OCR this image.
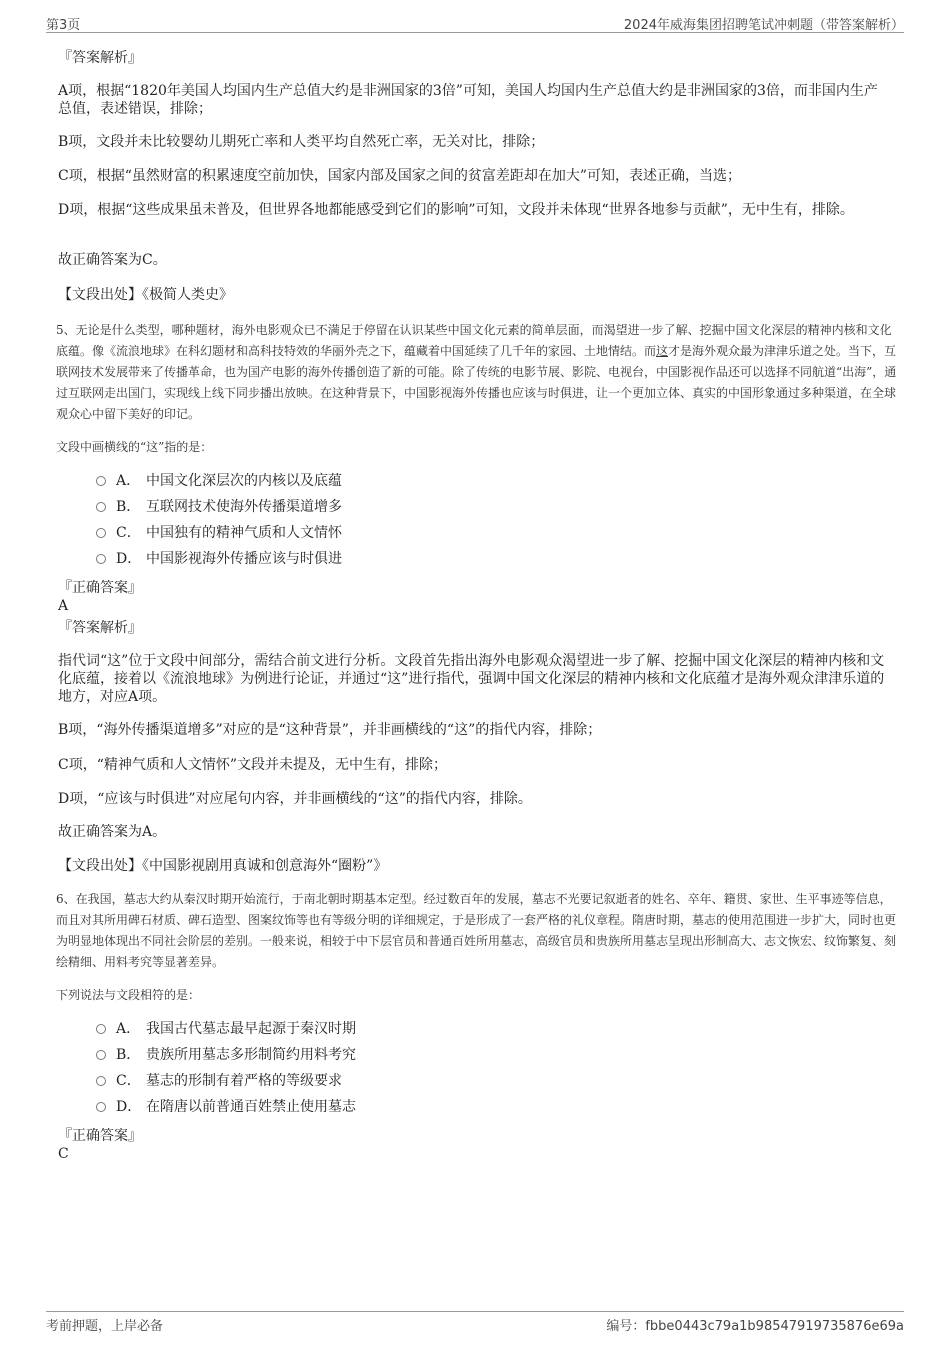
第3页	2024年威海集团招聘笔试冲刺题（带答案解析）
『答案解析』
A项，根据“1820年美国人均国内生产总值大约是非洲国家的3倍”可知，美国人均国内生产总值大约是非洲国家的3倍，而非国内生产总值，表述错误，排除；
B项，文段并未比较婴幼儿期死亡率和人类平均自然死亡率，无关对比，排除；
C项，根据“虽然财富的积累速度空前加快，国家内部及国家之间的贫富差距却在加大”可知，表述正确，当选；
D项，根据“这些成果虽未普及，但世界各地都能感受到它们的影响”可知，文段并未体现“世界各地参与贡献”，无中生有，排除。
故正确答案为C。
【文段出处】《极简人类史》
5、无论是什么类型，哪种题材，海外电影观众已不满足于停留在认识某些中国文化元素的简单层面，而渴望进一步了解、挖掘中国文化深层的精神内核和文化底蕴。像《流浪地球》在科幻题材和高科技特效的华丽外壳之下，蕴藏着中国延续了几千年的家园、土地情结。而这才是海外观众最为津津乐道之处。当下，互联网技术发展带来了传播革命，也为国产电影的海外传播创造了新的可能。除了传统的电影节展、影院、电视台，中国影视作品还可以选择不同航道“出海”，通过互联网走出国门，实现线上线下同步播出放映。在这种背景下，中国影视海外传播也应该与时俱进，让一个更加立体、真实的中国形象通过多种渠道，在全球观众心中留下美好的印记。
文段中画横线的“这”指的是：
A． 中国文化深层次的内核以及底蕴
B． 互联网技术使海外传播渠道增多
C． 中国独有的精神气质和人文情怀
D． 中国影视海外传播应该与时俱进
『正确答案』
A
『答案解析』
指代词“这”位于文段中间部分，需结合前文进行分析。文段首先指出海外电影观众渴望进一步了解、挖掘中国文化深层的精神内核和文化底蕴，接着以《流浪地球》为例进行论证，并通过“这”进行指代，强调中国文化深层的精神内核和文化底蕴才是海外观众津津乐道的地方，对应A项。
B项，“海外传播渠道增多”对应的是“这种背景”，并非画横线的“这”的指代内容，排除；
C项，“精神气质和人文情怀”文段并未提及，无中生有，排除；
D项，“应该与时俱进”对应尾句内容，并非画横线的“这”的指代内容，排除。
故正确答案为A。
【文段出处】《中国影视剧用真诚和创意海外“圈粉”》
6、在我国，墓志大约从秦汉时期开始流行，于南北朝时期基本定型。经过数百年的发展，墓志不光要记叙逝者的姓名、卒年、籍贯、家世、生平事迹等信息，而且对其所用碑石材质、碑石造型、图案纹饰等也有等级分明的详细规定，于是形成了一套严格的礼仪章程。隋唐时期，墓志的使用范围进一步扩大，同时也更为明显地体现出不同社会阶层的差别。一般来说，相较于中下层官员和普通百姓所用墓志，高级官员和贵族所用墓志呈现出形制高大、志文恢宏、纹饰繁复、刻绘精细、用料考究等显著差异。
下列说法与文段相符的是：
A． 我国古代墓志最早起源于秦汉时期
B． 贵族所用墓志多形制简约用料考究
C． 墓志的形制有着严格的等级要求
D． 在隋唐以前普通百姓禁止使用墓志
『正确答案』
C
考前押题，上岸必备	编号：fbbe0443c79a1b98547919735876e69a
